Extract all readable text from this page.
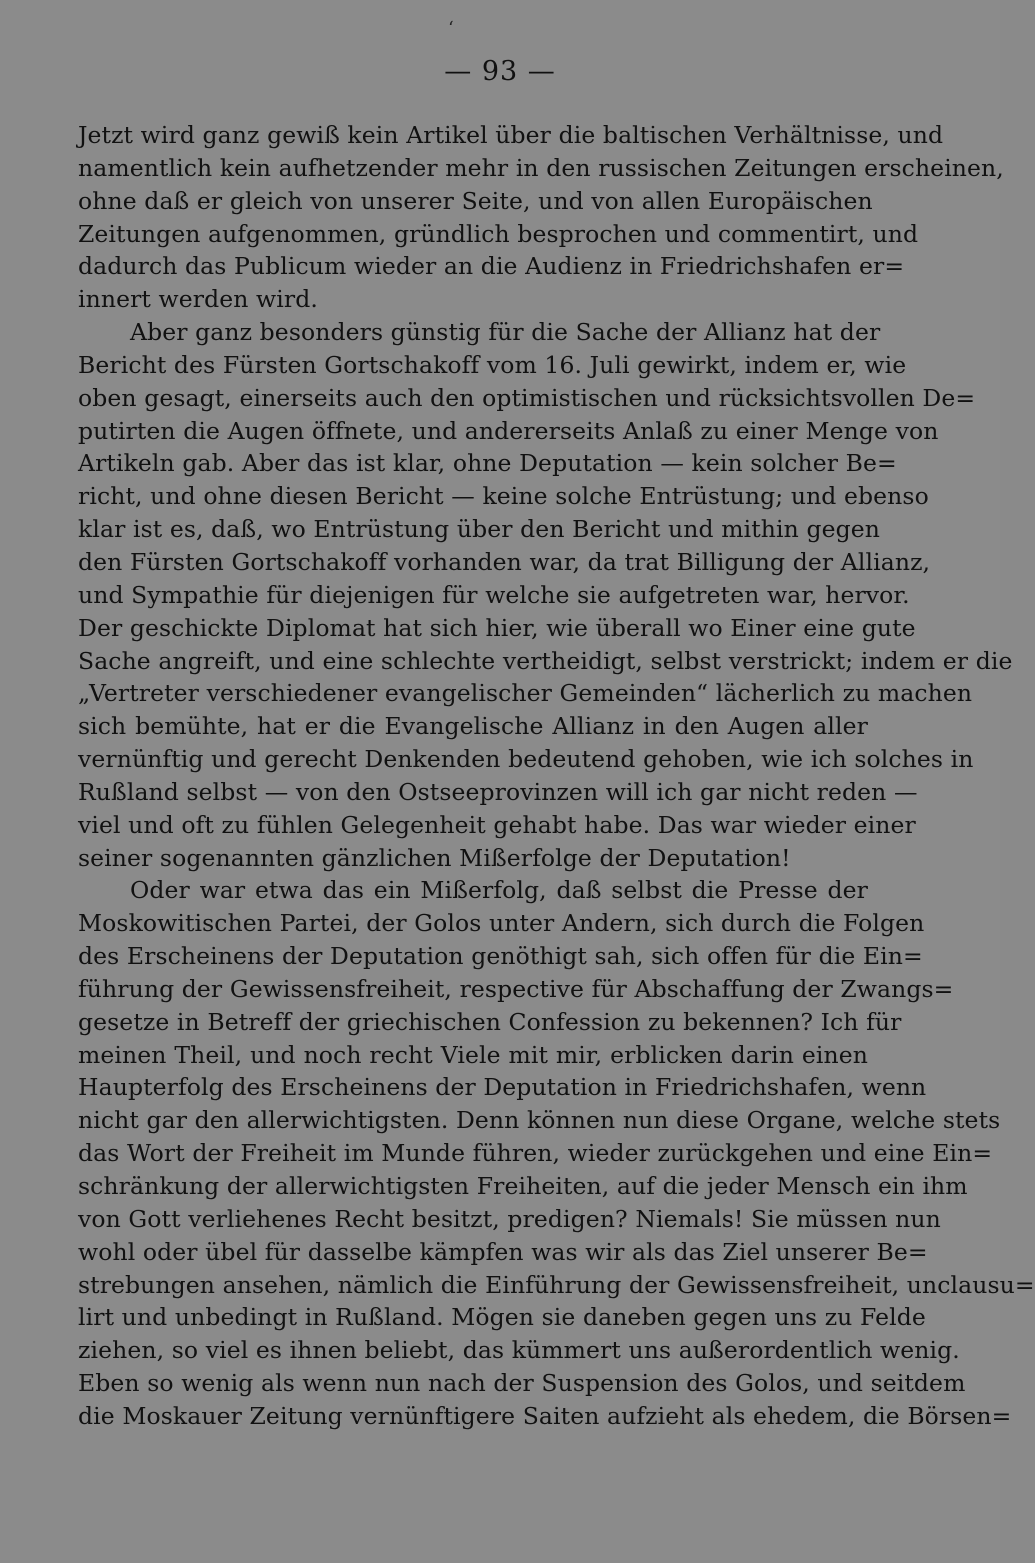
ʻ
— 93 —
Jetzt wird ganz gewiß kein Artikel über die baltischen Verhältnisse, und
namentlich kein aufhetzender mehr in den russischen Zeitungen erscheinen,
ohne daß er gleich von unserer Seite, und von allen Europäischen
Zeitungen aufgenommen, gründlich besprochen und commentirt, und
dadurch das Publicum wieder an die Audienz in Friedrichshafen er=
innert werden wird.
Aber ganz besonders günstig für die Sache der Allianz hat der
Bericht des Fürsten Gortschakoff vom 16. Juli gewirkt, indem er, wie
oben gesagt, einerseits auch den optimistischen und rücksichtsvollen De=
putirten die Augen öffnete, und andererseits Anlaß zu einer Menge von
Artikeln gab. Aber das ist klar, ohne Deputation — kein solcher Be=
richt, und ohne diesen Bericht — keine solche Entrüstung; und ebenso
klar ist es, daß, wo Entrüstung über den Bericht und mithin gegen
den Fürsten Gortschakoff vorhanden war, da trat Billigung der Allianz,
und Sympathie für diejenigen für welche sie aufgetreten war, hervor.
Der geschickte Diplomat hat sich hier, wie überall wo Einer eine gute
Sache angreift, und eine schlechte vertheidigt, selbst verstrickt; indem er die
„Vertreter verschiedener evangelischer Gemeinden“ lächerlich zu machen
sich bemühte, hat er die Evangelische Allianz in den Augen aller
vernünftig und gerecht Denkenden bedeutend gehoben, wie ich solches in
Rußland selbst — von den Ostseeprovinzen will ich gar nicht reden —
viel und oft zu fühlen Gelegenheit gehabt habe. Das war wieder einer
seiner sogenannten gänzlichen Mißerfolge der Deputation!
Oder war etwa das ein Mißerfolg, daß selbst die Presse der
Moskowitischen Partei, der Golos unter Andern, sich durch die Folgen
des Erscheinens der Deputation genöthigt sah, sich offen für die Ein=
führung der Gewissensfreiheit, respective für Abschaffung der Zwangs=
gesetze in Betreff der griechischen Confession zu bekennen? Ich für
meinen Theil, und noch recht Viele mit mir, erblicken darin einen
Haupterfolg des Erscheinens der Deputation in Friedrichshafen, wenn
nicht gar den allerwichtigsten. Denn können nun diese Organe, welche stets
das Wort der Freiheit im Munde führen, wieder zurückgehen und eine Ein=
schränkung der allerwichtigsten Freiheiten, auf die jeder Mensch ein ihm
von Gott verliehenes Recht besitzt, predigen? Niemals! Sie müssen nun
wohl oder übel für dasselbe kämpfen was wir als das Ziel unserer Be=
strebungen ansehen, nämlich die Einführung der Gewissensfreiheit, unclausu=
lirt und unbedingt in Rußland. Mögen sie daneben gegen uns zu Felde
ziehen, so viel es ihnen beliebt, das kümmert uns außerordentlich wenig.
Eben so wenig als wenn nun nach der Suspension des Golos, und seitdem
die Moskauer Zeitung vernünftigere Saiten aufzieht als ehedem, die Börsen=
